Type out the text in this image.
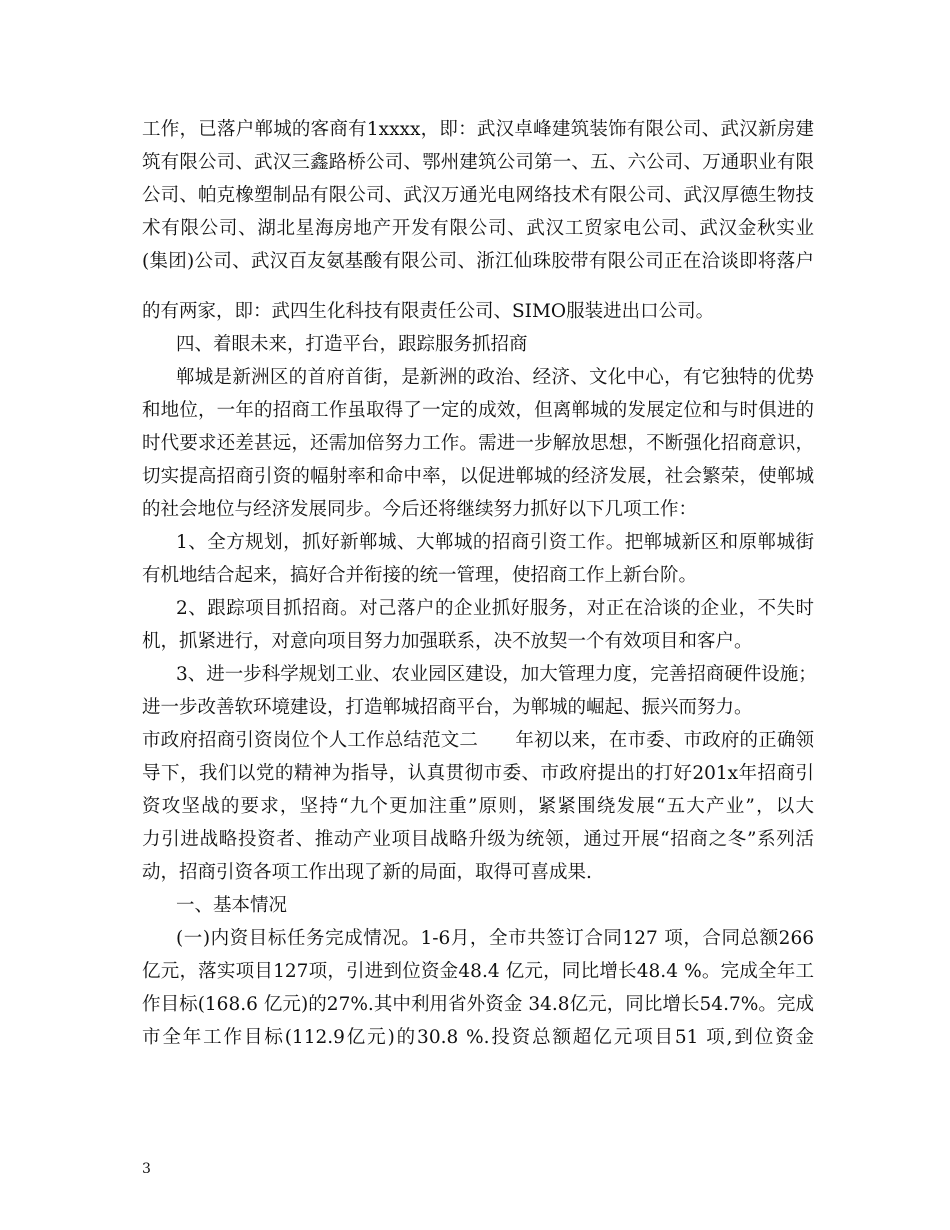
工作，已落户郸城的客商有1xxxx，即：武汉卓峰建筑装饰有限公司、武汉新房建
筑有限公司、武汉三鑫路桥公司、鄂州建筑公司第一、五、六公司、万通职业有限
公司、帕克橡塑制品有限公司、武汉万通光电网络技术有限公司、武汉厚德生物技
术有限公司、湖北星海房地产开发有限公司、武汉工贸家电公司、武汉金秋实业
(集团)公司、武汉百友氨基酸有限公司、浙江仙珠胶带有限公司正在洽谈即将落户
的有两家，即：武四生化科技有限责任公司、SIMO服装进出口公司。
四、着眼未来，打造平台，跟踪服务抓招商
郸城是新洲区的首府首街，是新洲的政治、经济、文化中心，有它独特的优势
和地位，一年的招商工作虽取得了一定的成效，但离郸城的发展定位和与时俱进的
时代要求还差甚远，还需加倍努力工作。需进一步解放思想，不断强化招商意识，
切实提高招商引资的幅射率和命中率，以促进郸城的经济发展，社会繁荣，使郸城
的社会地位与经济发展同步。今后还将继续努力抓好以下几项工作：
1、全方规划，抓好新郸城、大郸城的招商引资工作。把郸城新区和原郸城街
有机地结合起来，搞好合并衔接的统一管理，使招商工作上新台阶。
2、跟踪项目抓招商。对己落户的企业抓好服务，对正在洽谈的企业，不失时
机，抓紧进行，对意向项目努力加强联系，决不放契一个有效项目和客户。
3、进一步科学规划工业、农业园区建设，加大管理力度，完善招商硬件设施；
进一步改善软环境建设，打造郸城招商平台，为郸城的崛起、振兴而努力。
市政府招商引资岗位个人工作总结范文二　　年初以来，在市委、市政府的正确领
导下，我们以党的精神为指导，认真贯彻市委、市政府提出的打好201x年招商引
资攻坚战的要求，坚持“九个更加注重”原则，紧紧围绕发展“五大产业”，以大
力引进战略投资者、推动产业项目战略升级为统领，通过开展“招商之冬”系列活
动，招商引资各项工作出现了新的局面，取得可喜成果.
一、基本情况
(一)内资目标任务完成情况。1-6月，全市共签订合同127 项，合同总额266
亿元，落实项目127项，引进到位资金48.4 亿元，同比增长48.4 %。完成全年工
作目标(168.6 亿元)的27%.其中利用省外资金 34.8亿元，同比增长54.7%。完成
市全年工作目标(112.9亿元)的30.8 %.投资总额超亿元项目51 项,到位资金
3
